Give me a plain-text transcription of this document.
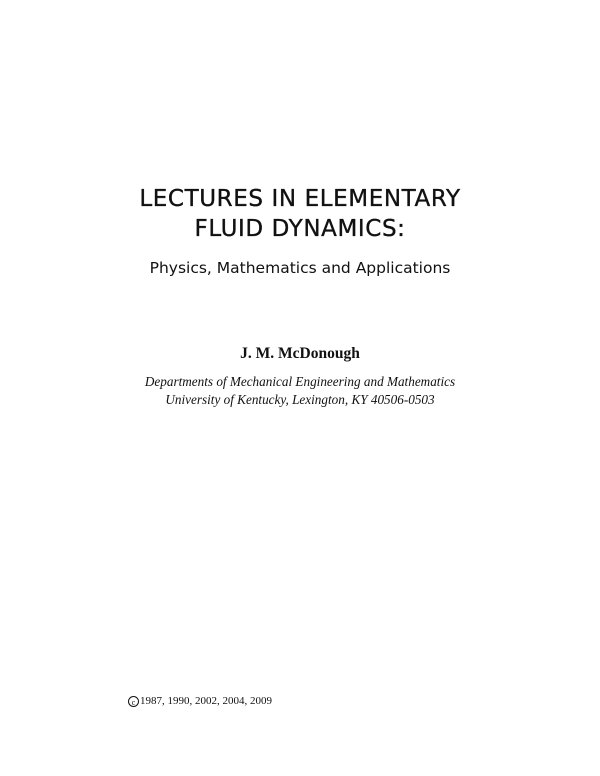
LECTURES IN ELEMENTARY
FLUID DYNAMICS:
Physics, Mathematics and Applications
J. M. McDonough
Departments of Mechanical Engineering and Mathematics
University of Kentucky, Lexington, KY 40506-0503
c 1987, 1990, 2002, 2004, 2009
